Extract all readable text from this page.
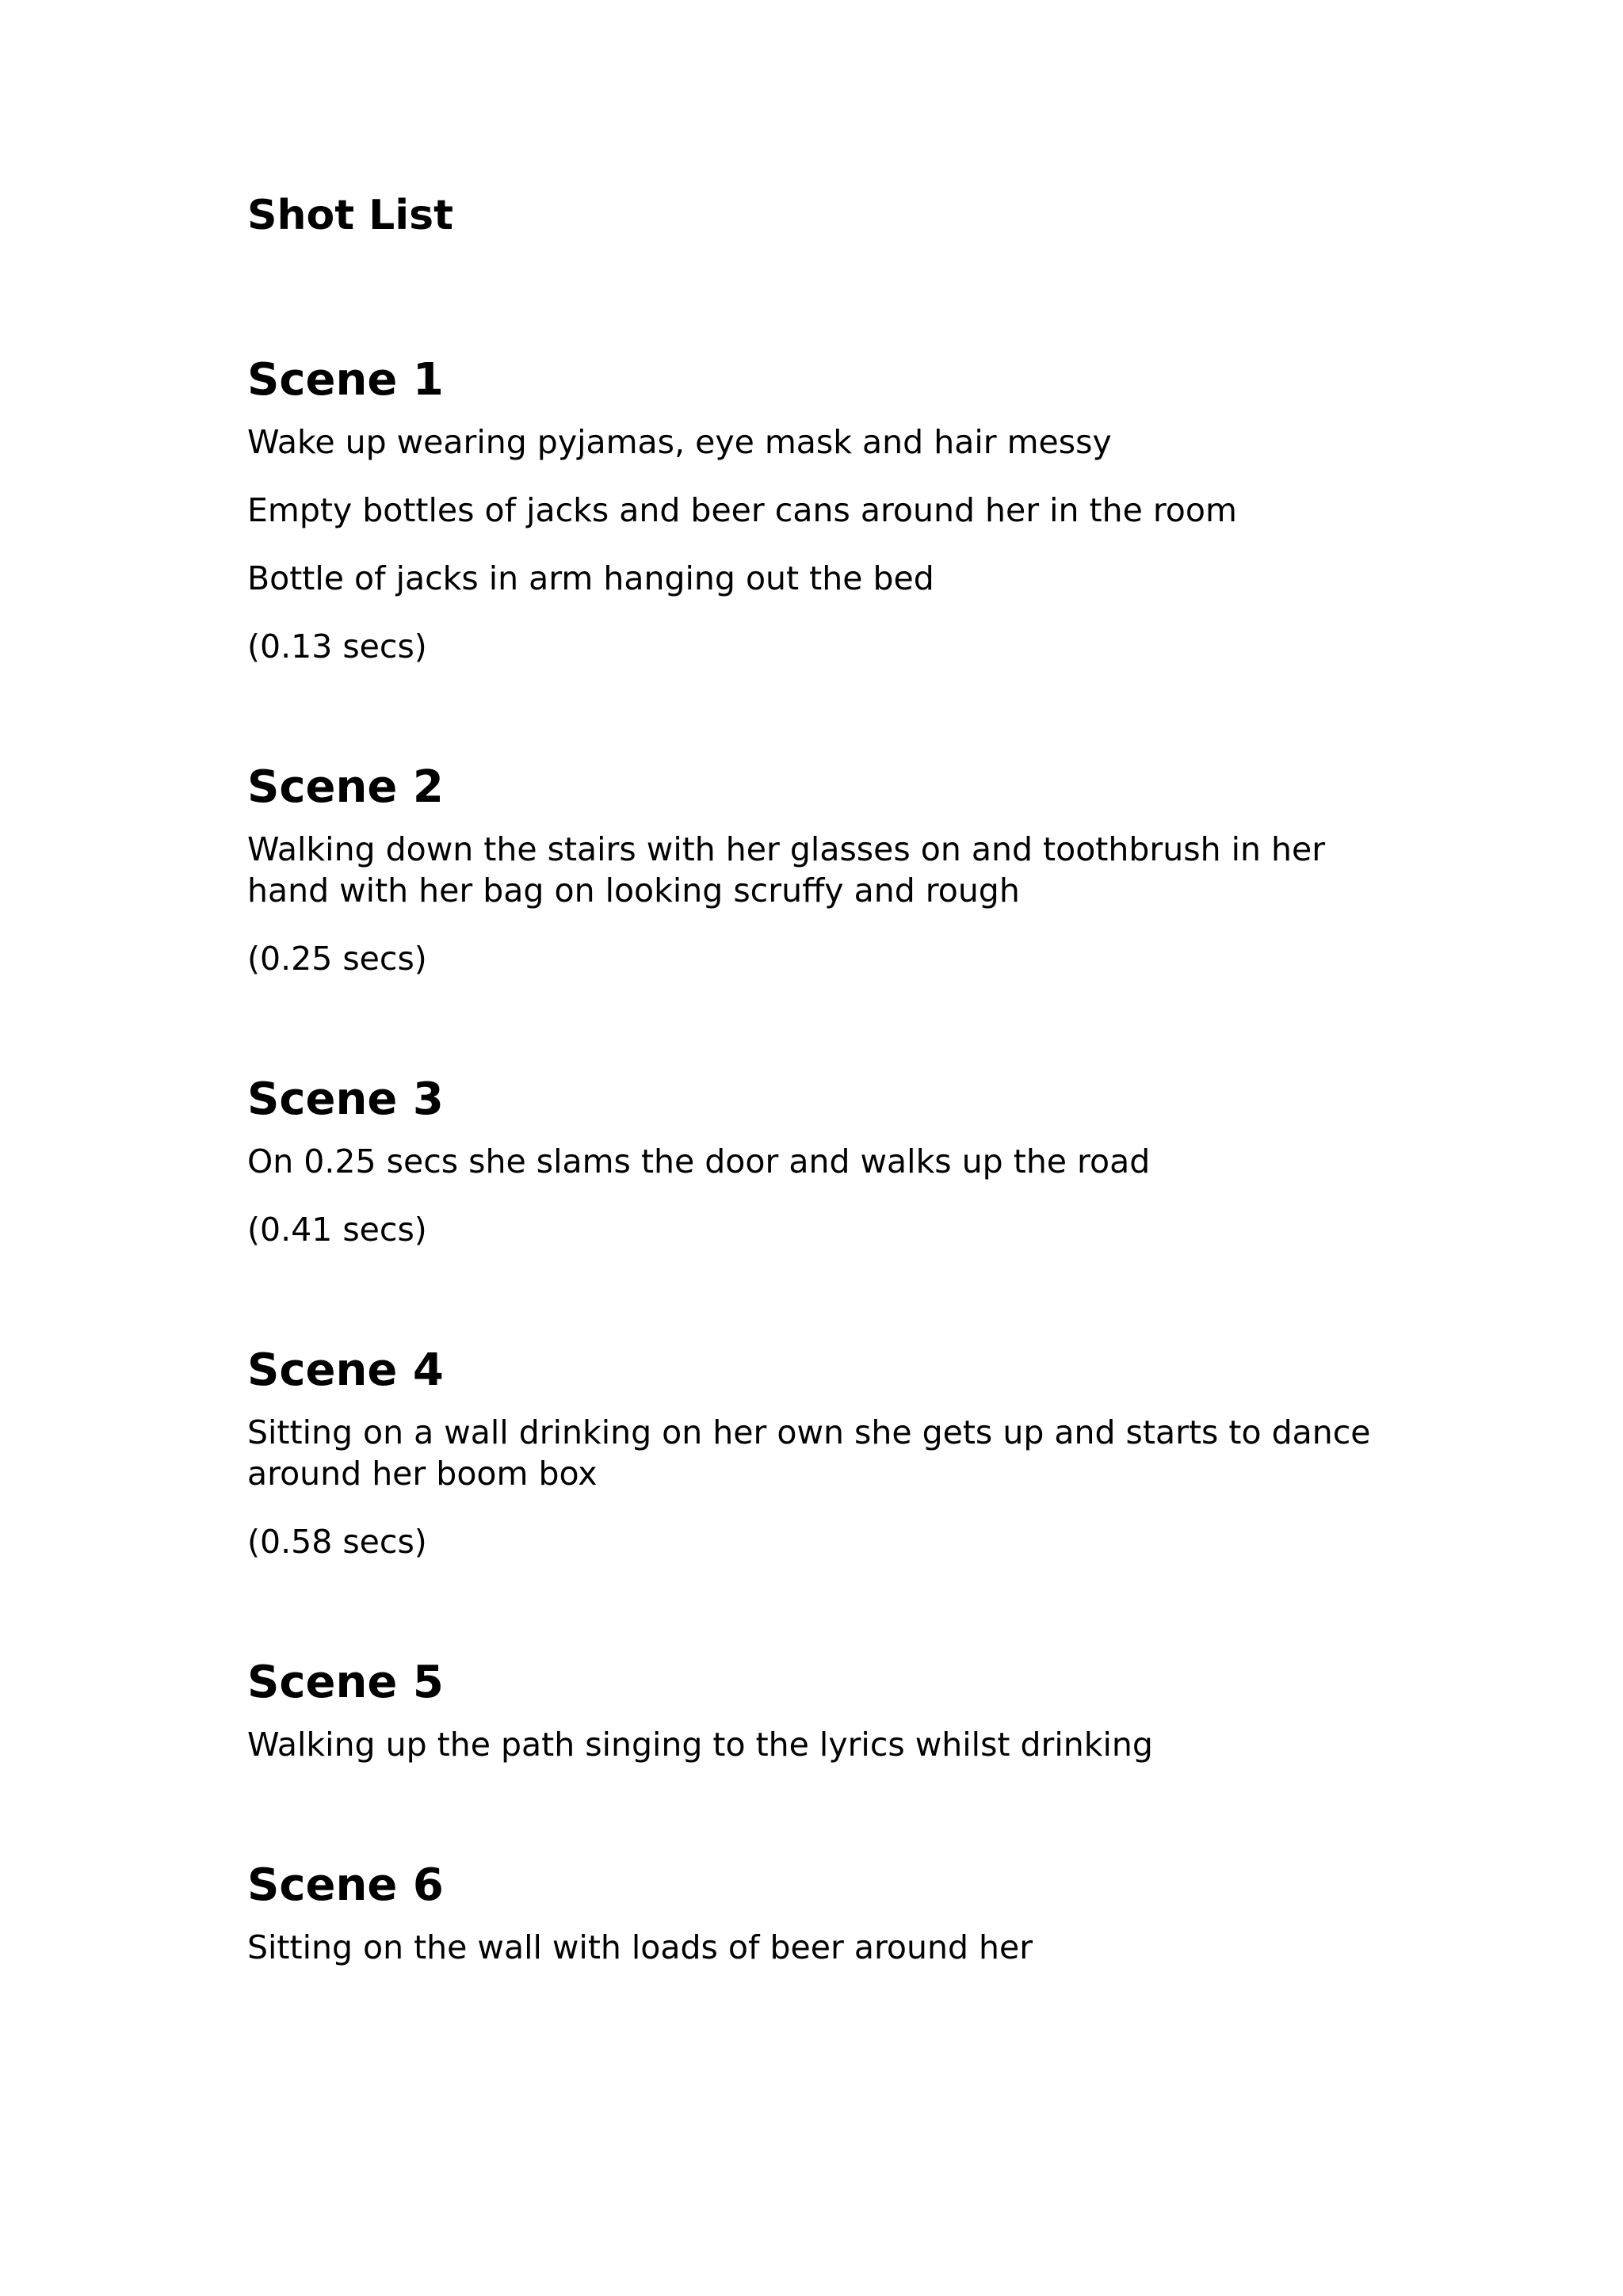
Shot List
Scene 1

Wake up wearing pyjamas, eye mask and hair messy

Empty bottles of jacks and beer cans around her in the room

Bottle of jacks in arm hanging out the bed

(0.13 secs)

Scene 2

Walking down the stairs with her glasses on and toothbrush in her hand with her bag on looking scruffy and rough

(0.25 secs)

Scene 3

On 0.25 secs she slams the door and walks up the road

(0.41 secs)

Scene 4

Sitting on a wall drinking on her own she gets up and starts to dance around her boom box

(0.58 secs)

Scene 5

Walking up the path singing to the lyrics whilst drinking

Scene 6

Sitting on the wall with loads of beer around her
